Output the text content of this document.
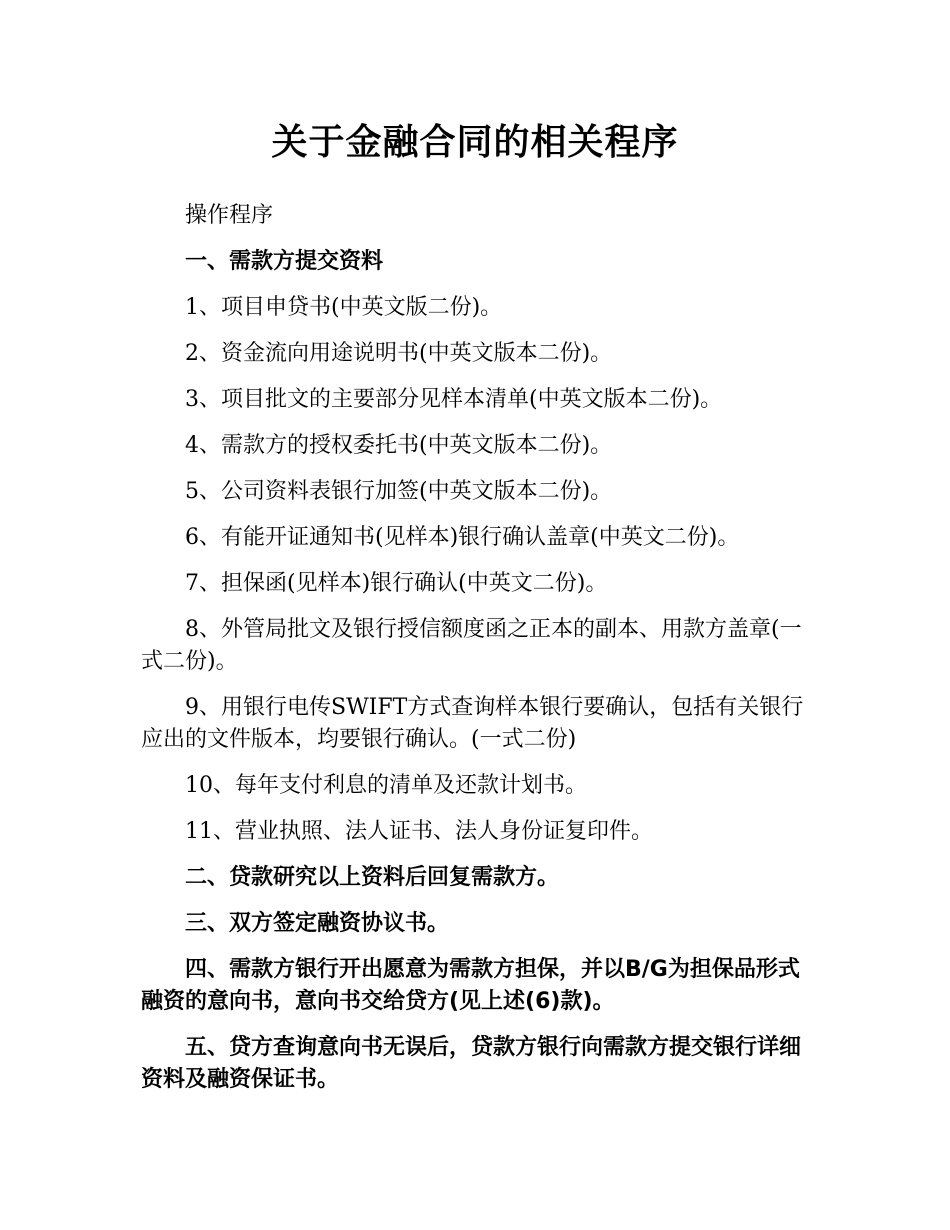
关于金融合同的相关程序

操作程序

一、需款方提交资料

1、项目申贷书(中英文版二份)。

2、资金流向用途说明书(中英文版本二份)。

3、项目批文的主要部分见样本清单(中英文版本二份)。

4、需款方的授权委托书(中英文版本二份)。

5、公司资料表银行加签(中英文版本二份)。

6、有能开证通知书(见样本)银行确认盖章(中英文二份)。

7、担保函(见样本)银行确认(中英文二份)。

8、外管局批文及银行授信额度函之正本的副本、用款方盖章(一式二份)。

9、用银行电传SWIFT方式查询样本银行要确认，包括有关银行应出的文件版本，均要银行确认。(一式二份)

10、每年支付利息的清单及还款计划书。

11、营业执照、法人证书、法人身份证复印件。

二、贷款研究以上资料后回复需款方。

三、双方签定融资协议书。

四、需款方银行开出愿意为需款方担保，并以B/G为担保品形式融资的意向书，意向书交给贷方(见上述(6)款)。

五、贷方查询意向书无误后，贷款方银行向需款方提交银行详细资料及融资保证书。
